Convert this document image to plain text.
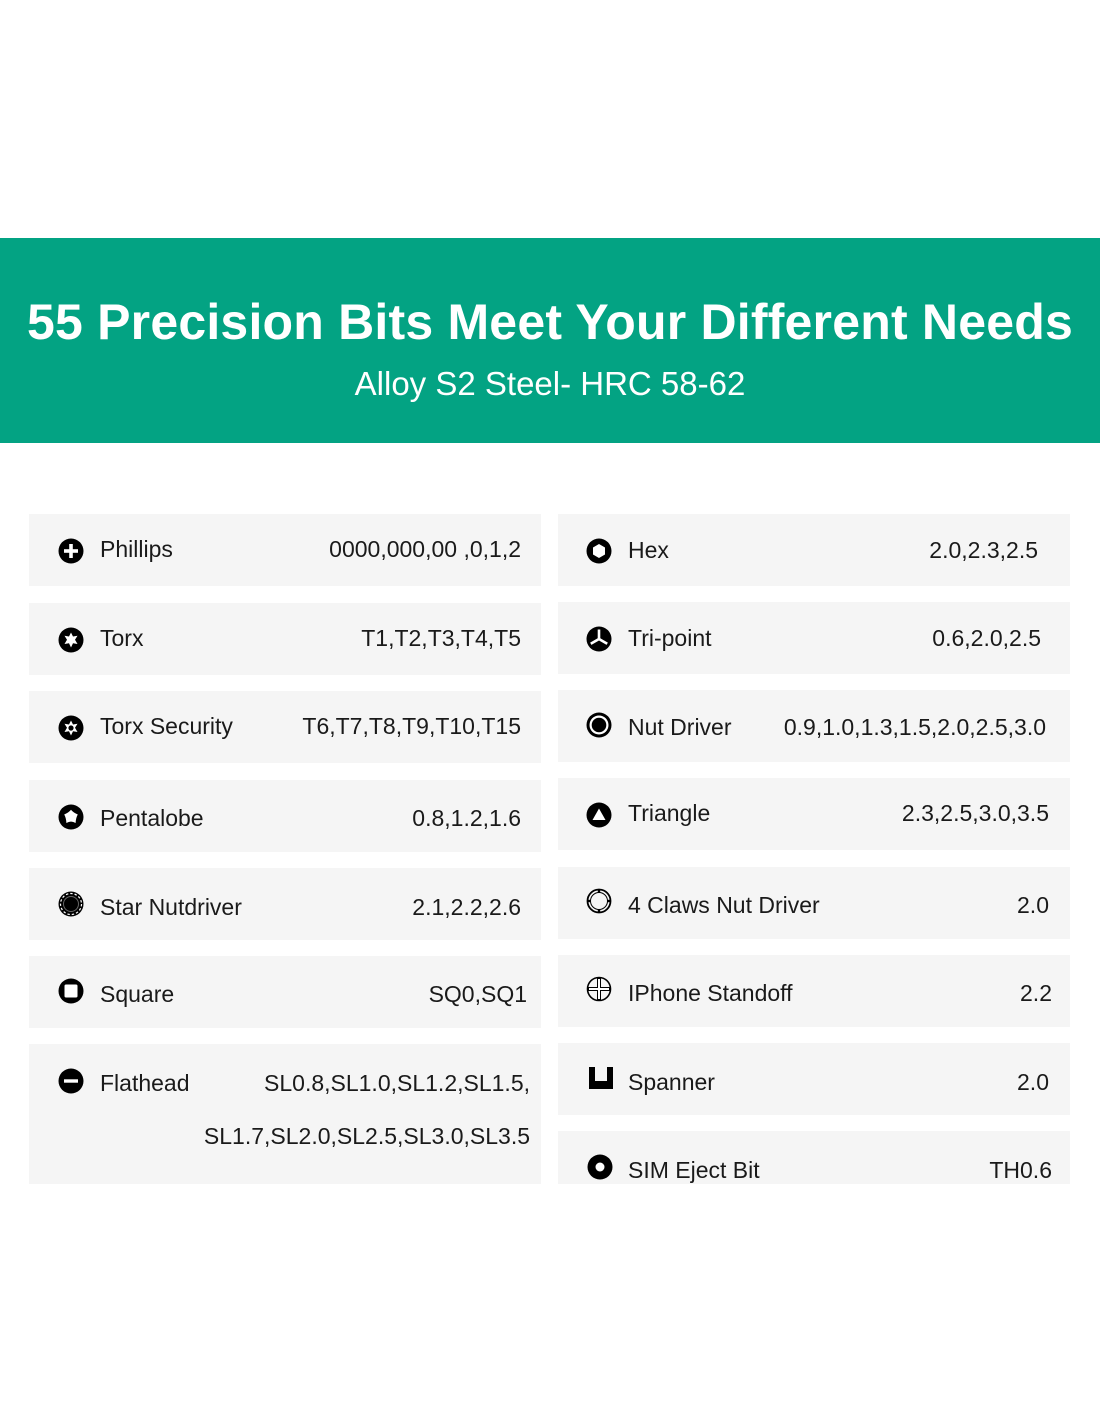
55 Precision Bits Meet Your Different Needs
Alloy S2 Steel- HRC 58-62
Phillips	0000,000,00 ,0,1,2
Torx	T1,T2,T3,T4,T5
Torx Security	T6,T7,T8,T9,T10,T15
Pentalobe	0.8,1.2,1.6
Star Nutdriver	2.1,2.2,2.6
Square	SQ0,SQ1
Flathead	SL0.8,SL1.0,SL1.2,SL1.5,
SL1.7,SL2.0,SL2.5,SL3.0,SL3.5
Hex	2.0,2.3,2.5
Tri-point	0.6,2.0,2.5
Nut Driver 0.9,1.0,1.3,1.5,2.0,2.5,3.0
Triangle	2.3,2.5,3.0,3.5
4 Claws Nut Driver	2.0
IPhone Standoff	2.2
Spanner	2.0
SIM Eject Bit	TH0.6
